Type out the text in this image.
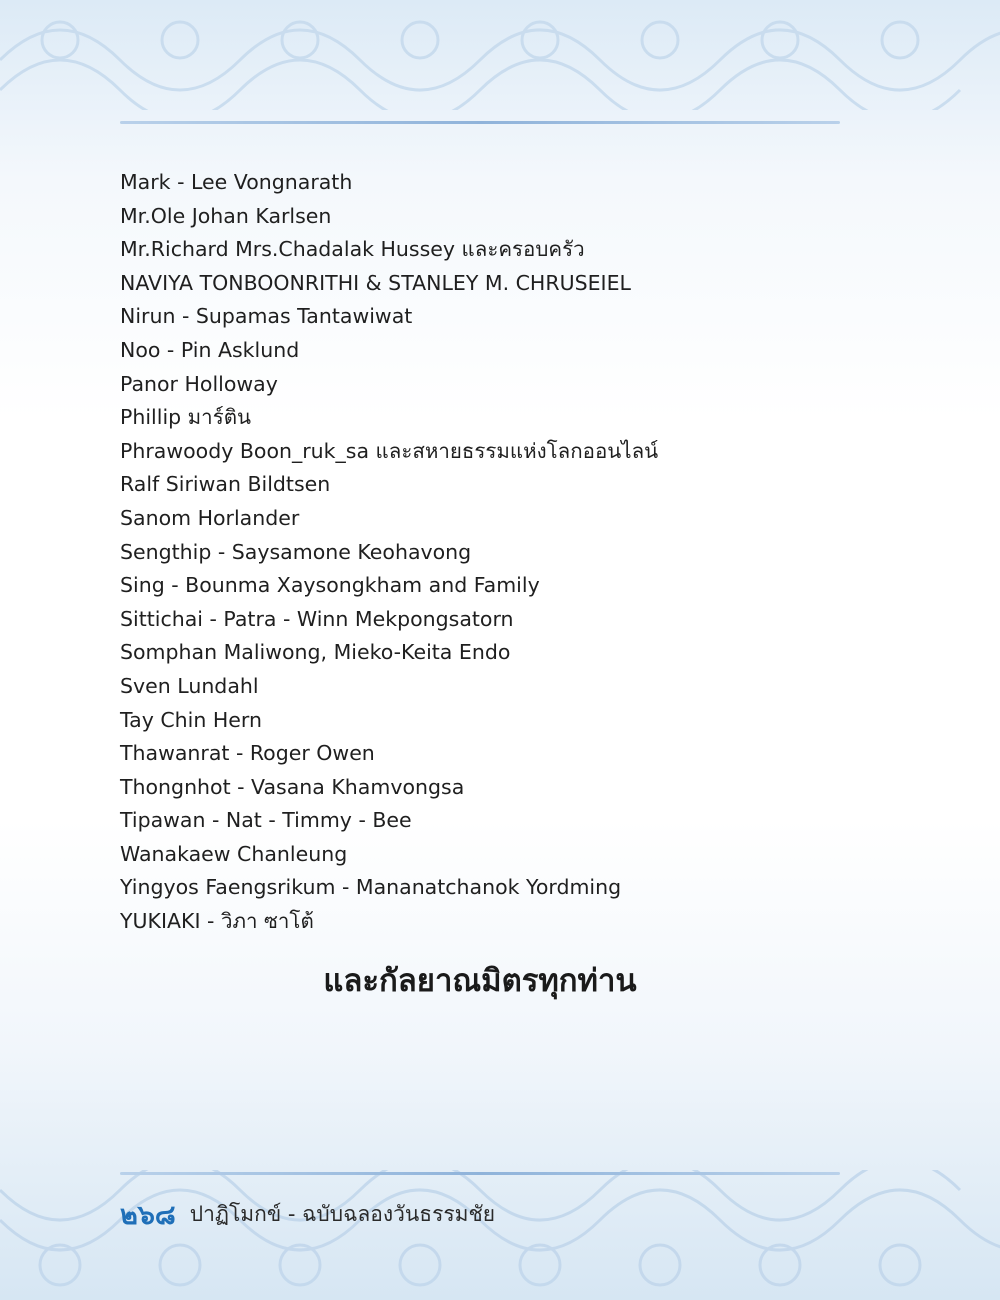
Mark - Lee Vongnarath
Mr.Ole Johan Karlsen
Mr.Richard Mrs.Chadalak Hussey และครอบครัว
NAVIYA TONBOONRITHI & STANLEY M. CHRUSEIEL
Nirun - Supamas Tantawiwat
Noo - Pin Asklund
Panor Holloway
Phillip มาร์ติน
Phrawoody Boon_ruk_sa และสหายธรรมแห่งโลกออนไลน์
Ralf Siriwan Bildtsen
Sanom Horlander
Sengthip - Saysamone Keohavong
Sing - Bounma Xaysongkham and Family
Sittichai - Patra - Winn Mekpongsatorn
Somphan Maliwong, Mieko-Keita Endo
Sven Lundahl
Tay Chin Hern
Thawanrat - Roger Owen
Thongnhot - Vasana Khamvongsa
Tipawan - Nat - Timmy - Bee
Wanakaew Chanleung
Yingyos Faengsrikum - Mananatchanok Yordming
YUKIAKI - วิภา ซาโต้

และกัลยาณมิตรทุกท่าน

๒๖๘ ปาฏิโมกข์ - ฉบับฉลองวันธรรมชัย
